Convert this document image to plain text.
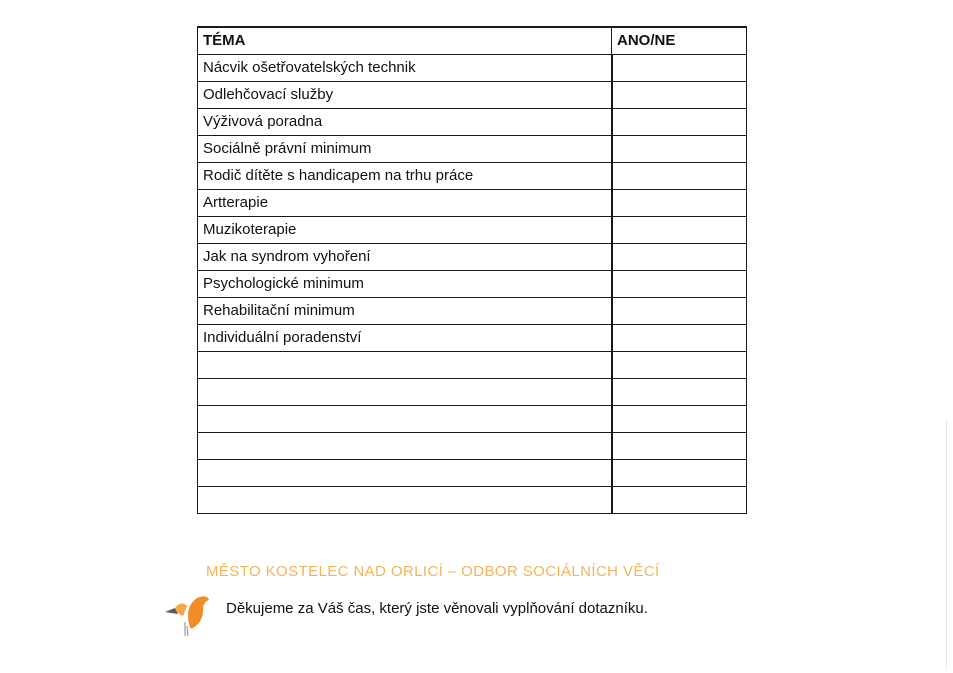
TÉMA	ANO/NE
Nácvik ošetřovatelských technik	
Odlehčovací služby	
Výživová poradna	
Sociálně právní minimum	
Rodič dítěte s handicapem na trhu práce	
Artterapie	
Muzikoterapie	
Jak na syndrom vyhoření	
Psychologické minimum	
Rehabilitační minimum	
Individuální poradenství	

MĚSTO KOSTELEC NAD ORLICÍ – ODBOR SOCIÁLNÍCH VĚCÍ
Děkujeme za Váš čas, který jste věnovali vyplňování dotazníku.
